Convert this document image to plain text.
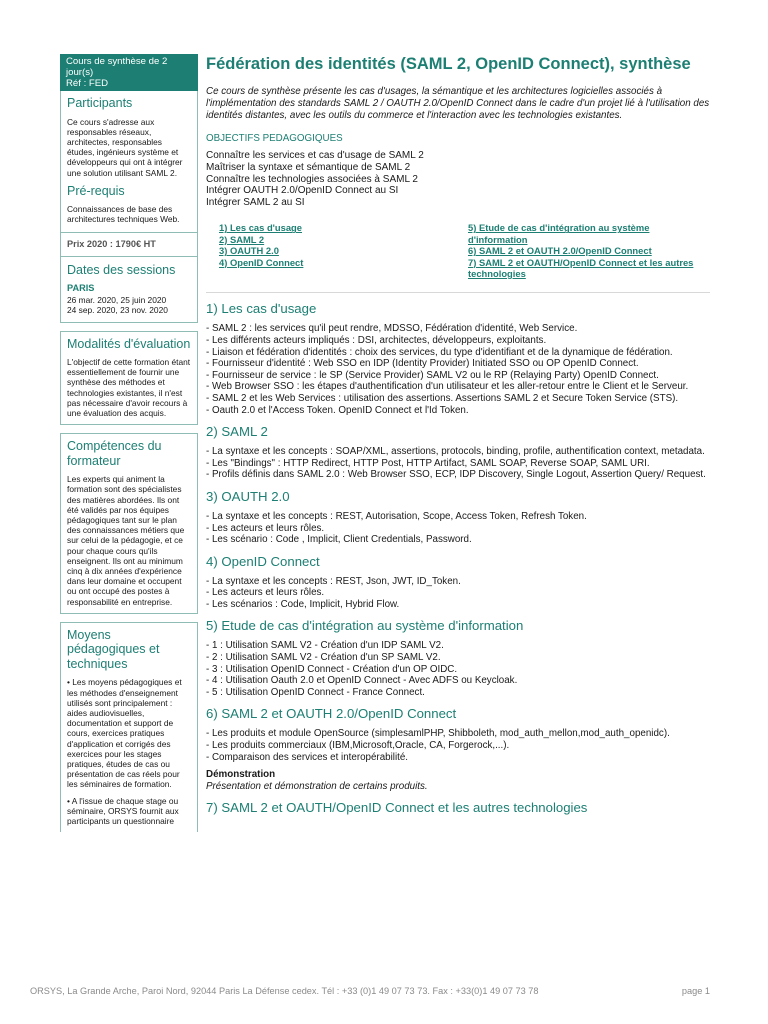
Cours de synthèse de 2 jour(s)
Réf : FED
Participants
Ce cours s'adresse aux responsables réseaux, architectes, responsables études, ingénieurs système et développeurs qui ont à intégrer une solution utilisant SAML 2.
Pré-requis
Connaissances de base des architectures techniques Web.
Prix 2020 : 1790€ HT
Dates des sessions
PARIS
26 mar. 2020, 25 juin 2020
24 sep. 2020, 23 nov. 2020
Modalités d'évaluation
L'objectif de cette formation étant essentiellement de fournir une synthèse des méthodes et technologies existantes, il n'est pas nécessaire d'avoir recours à une évaluation des acquis.
Compétences du formateur
Les experts qui animent la formation sont des spécialistes des matières abordées. Ils ont été validés par nos équipes pédagogiques tant sur le plan des connaissances métiers que sur celui de la pédagogie, et ce pour chaque cours qu'ils enseignent. Ils ont au minimum cinq à dix années d'expérience dans leur domaine et occupent ou ont occupé des postes à responsabilité en entreprise.
Moyens pédagogiques et techniques
• Les moyens pédagogiques et les méthodes d'enseignement utilisés sont principalement : aides audiovisuelles, documentation et support de cours, exercices pratiques d'application et corrigés des exercices pour les stages pratiques, études de cas ou présentation de cas réels pour les séminaires de formation.
• A l'issue de chaque stage ou séminaire, ORSYS fournit aux participants un questionnaire
Fédération des identités (SAML 2, OpenID Connect), synthèse
Ce cours de synthèse présente les cas d'usages, la sémantique et les architectures logicielles associés à l'implémentation des standards SAML 2 / OAUTH 2.0/OpenID Connect dans le cadre d'un projet lié à l'utilisation des identités distantes, avec les outils du commerce et l'interaction avec les technologies existantes.
OBJECTIFS PEDAGOGIQUES
Connaître les services et cas d'usage de SAML 2
Maîtriser la syntaxe et sémantique de SAML 2
Connaître les technologies associées à SAML 2
Intégrer OAUTH 2.0/OpenID Connect au SI
Intégrer SAML 2 au SI
1) Les cas d'usage
2) SAML 2
3) OAUTH 2.0
4) OpenID Connect
5) Etude de cas d'intégration au système d'information
6) SAML 2 et OAUTH 2.0/OpenID Connect
7) SAML 2 et OAUTH/OpenID Connect et les autres technologies
1) Les cas d'usage
- SAML 2 : les services qu'il peut rendre, MDSSO, Fédération d'identité, Web Service.
- Les différents acteurs impliqués : DSI, architectes, développeurs, exploitants.
- Liaison et fédération d'identités : choix des services, du type d'identifiant et de la dynamique de fédération.
- Fournisseur d'identité : Web SSO en IDP (Identity Provider) Initiated SSO ou OP OpenID Connect.
- Fournisseur de service : le SP (Service Provider) SAML V2 ou le RP (Relaying Party) OpenID Connect.
- Web Browser SSO : les étapes d'authentification d'un utilisateur et les aller-retour entre le Client et le Serveur.
- SAML 2 et les Web Services : utilisation des assertions. Assertions SAML 2 et Secure Token Service (STS).
- Oauth 2.0 et l'Access Token. OpenID Connect et l'Id Token.
2) SAML 2
- La syntaxe et les concepts : SOAP/XML, assertions, protocols, binding, profile, authentification context, metadata.
- Les "Bindings" : HTTP Redirect, HTTP Post, HTTP Artifact, SAML SOAP, Reverse SOAP, SAML URI.
- Profils définis dans SAML 2.0 : Web Browser SSO, ECP, IDP Discovery, Single Logout, Assertion Query/ Request.
3) OAUTH 2.0
- La syntaxe et les concepts : REST, Autorisation, Scope, Access Token, Refresh Token.
- Les acteurs et leurs rôles.
- Les scénario : Code , Implicit, Client Credentials, Password.
4) OpenID Connect
- La syntaxe et les concepts : REST, Json, JWT, ID_Token.
- Les acteurs et leurs rôles.
- Les scénarios : Code, Implicit, Hybrid Flow.
5) Etude de cas d'intégration au système d'information
- 1 : Utilisation SAML V2 - Création d'un IDP SAML V2.
- 2 : Utilisation SAML V2 - Création d'un SP SAML V2.
- 3 : Utilisation OpenID Connect - Création d'un OP OIDC.
- 4 : Utilisation Oauth 2.0 et OpenID Connect - Avec ADFS ou Keycloak.
- 5 : Utilisation OpenID Connect - France Connect.
6) SAML 2 et OAUTH 2.0/OpenID Connect
- Les produits et module OpenSource (simplesamlPHP, Shibboleth, mod_auth_mellon,mod_auth_openidc).
- Les produits commerciaux (IBM,Microsoft,Oracle, CA, Forgerock,...).
- Comparaison des services et interopérabilité.
Démonstration
Présentation et démonstration de certains produits.
7) SAML 2 et OAUTH/OpenID Connect et les autres technologies
ORSYS, La Grande Arche, Paroi Nord, 92044 Paris La Défense cedex. Tél : +33 (0)1 49 07 73 73. Fax : +33(0)1 49 07 73 78	page 1
